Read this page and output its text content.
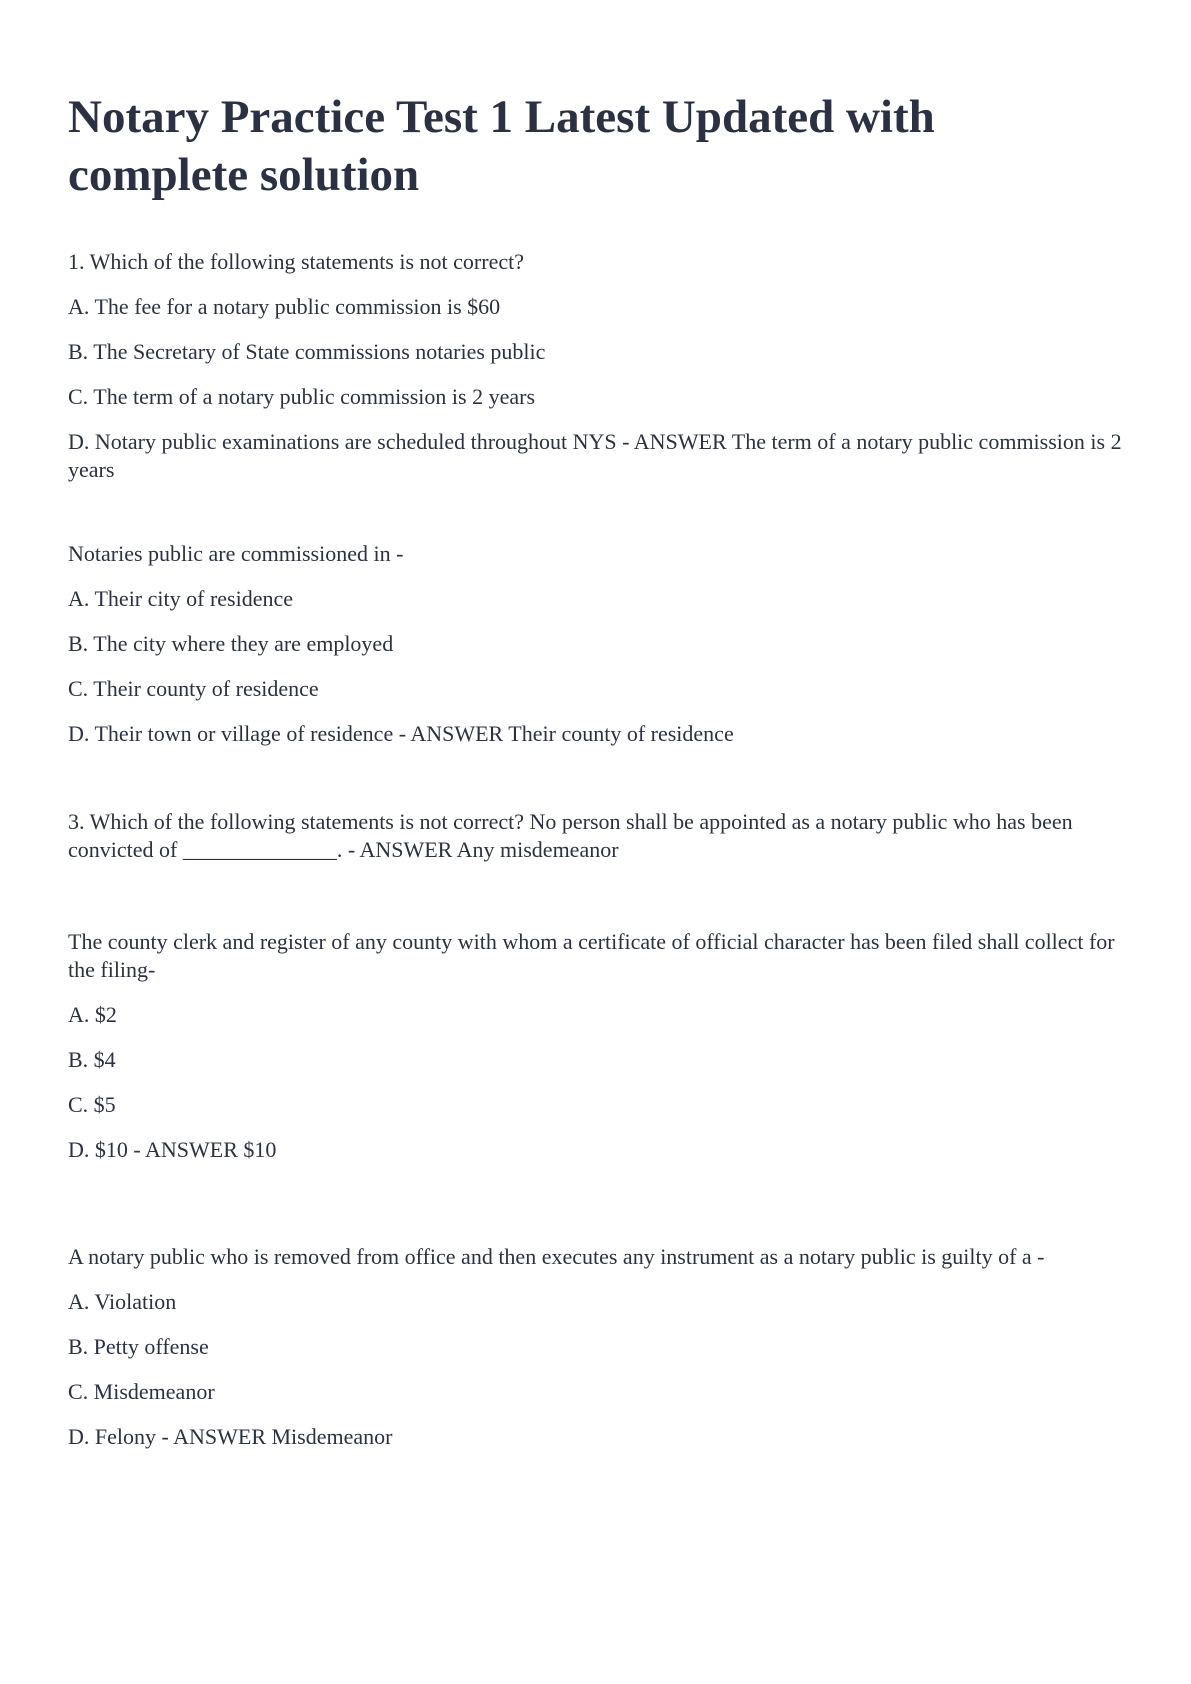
Notary Practice Test 1 Latest Updated with
complete solution

1. Which of the following statements is not correct?

A. The fee for a notary public commission is $60

B. The Secretary of State commissions notaries public

C. The term of a notary public commission is 2 years

D. Notary public examinations are scheduled throughout NYS - ANSWER The term of a notary public commission is 2 years

Notaries public are commissioned in -

A. Their city of residence

B. The city where they are employed

C. Their county of residence

D. Their town or village of residence - ANSWER Their county of residence

3. Which of the following statements is not correct? No person shall be appointed as a notary public who has been convicted of ______________. - ANSWER Any misdemeanor

The county clerk and register of any county with whom a certificate of official character has been filed shall collect for the filing-

A. $2

B. $4

C. $5

D. $10 - ANSWER $10

A notary public who is removed from office and then executes any instrument as a notary public is guilty of a -

A. Violation

B. Petty offense

C. Misdemeanor

D. Felony - ANSWER Misdemeanor
